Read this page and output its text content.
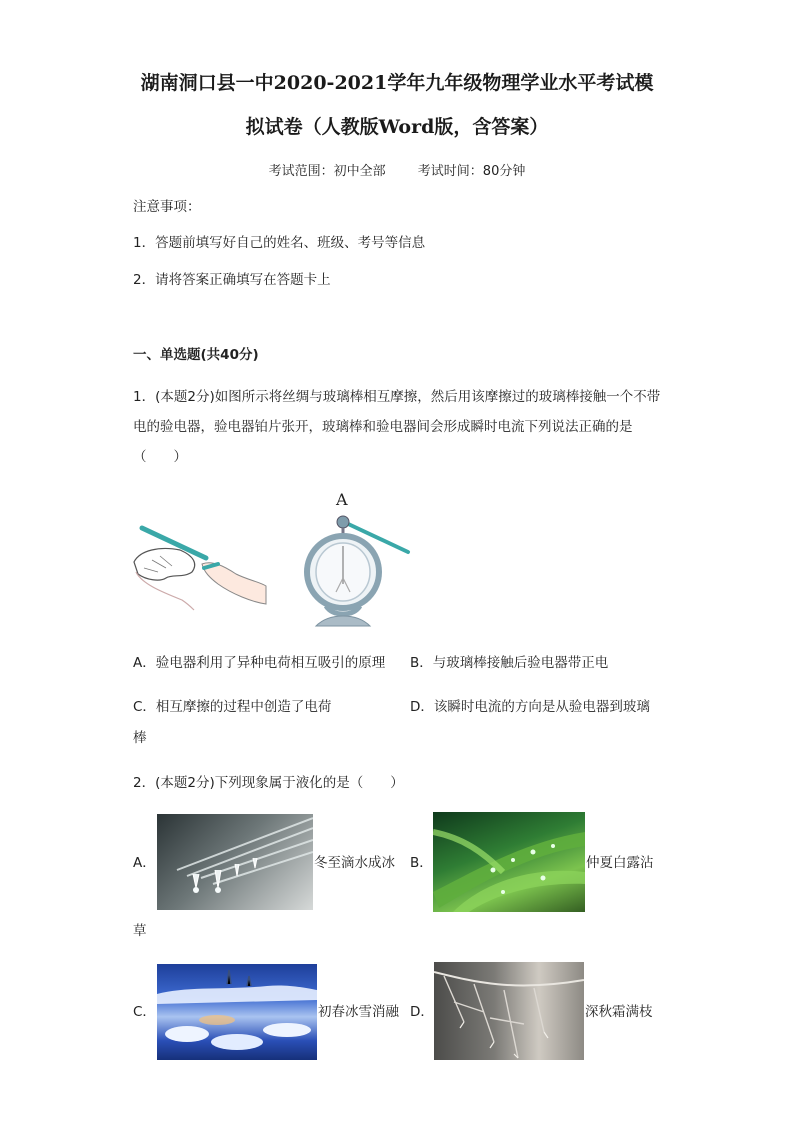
湖南洞口县一中2020-2021学年九年级物理学业水平考试模
拟试卷（人教版Word版，含答案）
考试范围：初中全部 考试时间：80分钟
注意事项：
1．答题前填写好自己的姓名、班级、考号等信息
2．请将答案正确填写在答题卡上
一、单选题(共40分)
1．(本题2分)如图所示将丝绸与玻璃棒相互摩擦，然后用该摩擦过的玻璃棒接触一个不带电的验电器，验电器铂片张开，玻璃棒和验电器间会形成瞬时电流下列说法正确的是（　　）
A
A．验电器利用了异种电荷相互吸引的原理 B．与玻璃棒接触后验电器带正电
C．相互摩擦的过程中创造了电荷	D．该瞬时电流的方向是从验电器到玻璃
棒
2．(本题2分)下列现象属于液化的是（　　）
A．	冬至滴水成冰 B．	仲夏白露沾
草
C．	初春冰雪消融 D．	深秋霜满枝
